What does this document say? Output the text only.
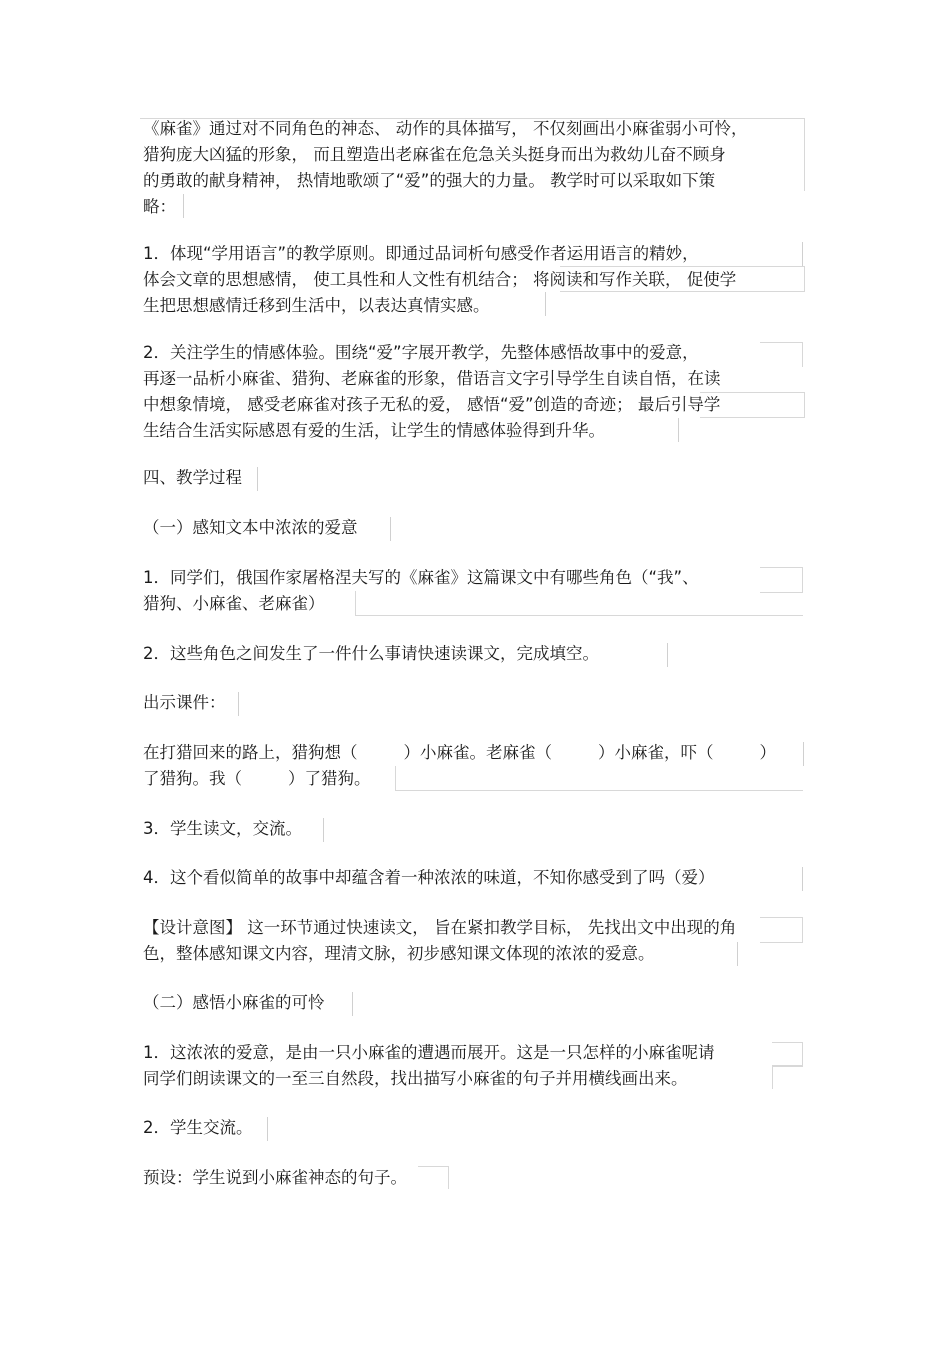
《麻雀》通过对不同角色的神态、 动作的具体描写， 不仅刻画出小麻雀弱小可怜，
猎狗庞大凶猛的形象， 而且塑造出老麻雀在危急关头挺身而出为救幼儿奋不顾身
的勇敢的献身精神， 热情地歌颂了“爱”的强大的力量。 教学时可以采取如下策
略：
1．体现“学用语言”的教学原则。即通过品词析句感受作者运用语言的精妙，
体会文章的思想感情， 使工具性和人文性有机结合； 将阅读和写作关联， 促使学
生把思想感情迁移到生活中，以表达真情实感。
2．关注学生的情感体验。围绕“爱”字展开教学，先整体感悟故事中的爱意，
再逐一品析小麻雀、猎狗、老麻雀的形象，借语言文字引导学生自读自悟，在读
中想象情境， 感受老麻雀对孩子无私的爱， 感悟“爱”创造的奇迹； 最后引导学
生结合生活实际感恩有爱的生活，让学生的情感体验得到升华。
四、教学过程
（一）感知文本中浓浓的爱意
1．同学们，俄国作家屠格涅夫写的《麻雀》这篇课文中有哪些角色（“我”、
猎狗、小麻雀、老麻雀）
2．这些角色之间发生了一件什么事请快速读课文，完成填空。
出示课件：
在打猎回来的路上，猎狗想（	）小麻雀。老麻雀（	）小麻雀，吓（	）
了猎狗。我（	）了猎狗。
3．学生读文，交流。
4．这个看似简单的故事中却蕴含着一种浓浓的味道，不知你感受到了吗（爱）
【设计意图】 这一环节通过快速读文， 旨在紧扣教学目标， 先找出文中出现的角
色，整体感知课文内容，理清文脉，初步感知课文体现的浓浓的爱意。
（二）感悟小麻雀的可怜
1．这浓浓的爱意，是由一只小麻雀的遭遇而展开。这是一只怎样的小麻雀呢请
同学们朗读课文的一至三自然段，找出描写小麻雀的句子并用横线画出来。
2．学生交流。
预设：学生说到小麻雀神态的句子。
